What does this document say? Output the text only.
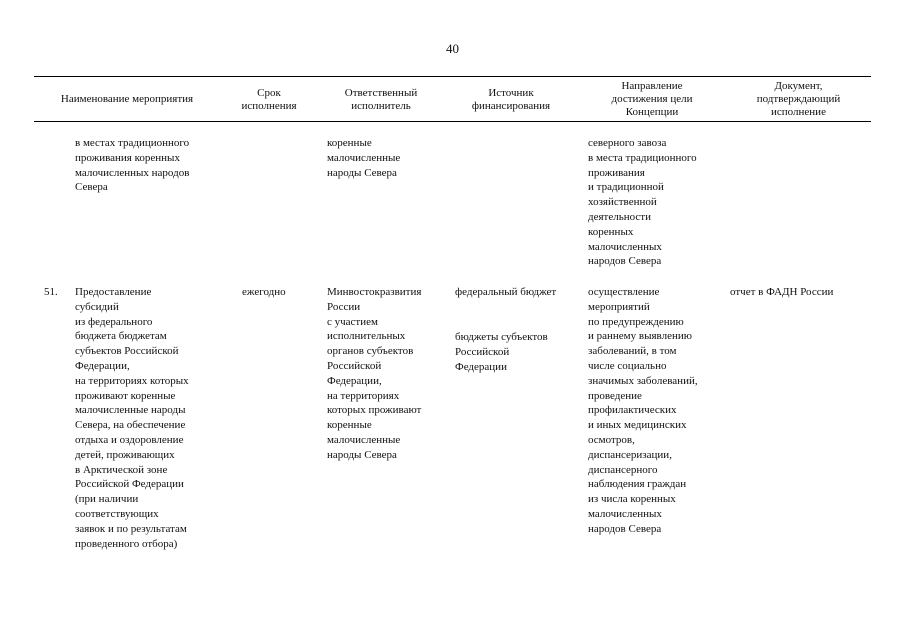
40
Наименование мероприятия	Срок
исполнения
Ответственный
исполнитель
Источник
финансирования
Направление
достижения цели
Концепции
Документ,
подтверждающий
исполнение
в местах традиционного
проживания коренных
малочисленных народов
Севера
коренные
малочисленные
народы Севера
северного завоза
в места традиционного
проживания
и традиционной
хозяйственной
деятельности
коренных
малочисленных
народов Севера
51. Предоставление
субсидий
из федерального
бюджета бюджетам
субъектов Российской
Федерации,
на территориях которых
проживают коренные
малочисленные народы
Севера, на обеспечение
отдыха и оздоровление
детей, проживающих
в Арктической зоне
Российской Федерации
(при наличии
соответствующих
заявок и по результатам
проведенного отбора)
ежегодно	Минвостокразвития
России
с участием
исполнительных
органов субъектов
Российской
Федерации,
на территориях
которых проживают
коренные
малочисленные
народы Севера
федеральный бюджет
бюджеты субъектов
Российской
Федерации
осуществление
мероприятий
по предупреждению
и раннему выявлению
заболеваний, в том
числе социально
значимых заболеваний,
проведение
профилактических
и иных медицинских
осмотров,
диспансеризации,
диспансерного
наблюдения граждан
из числа коренных
малочисленных
народов Севера
отчет в ФАДН России
